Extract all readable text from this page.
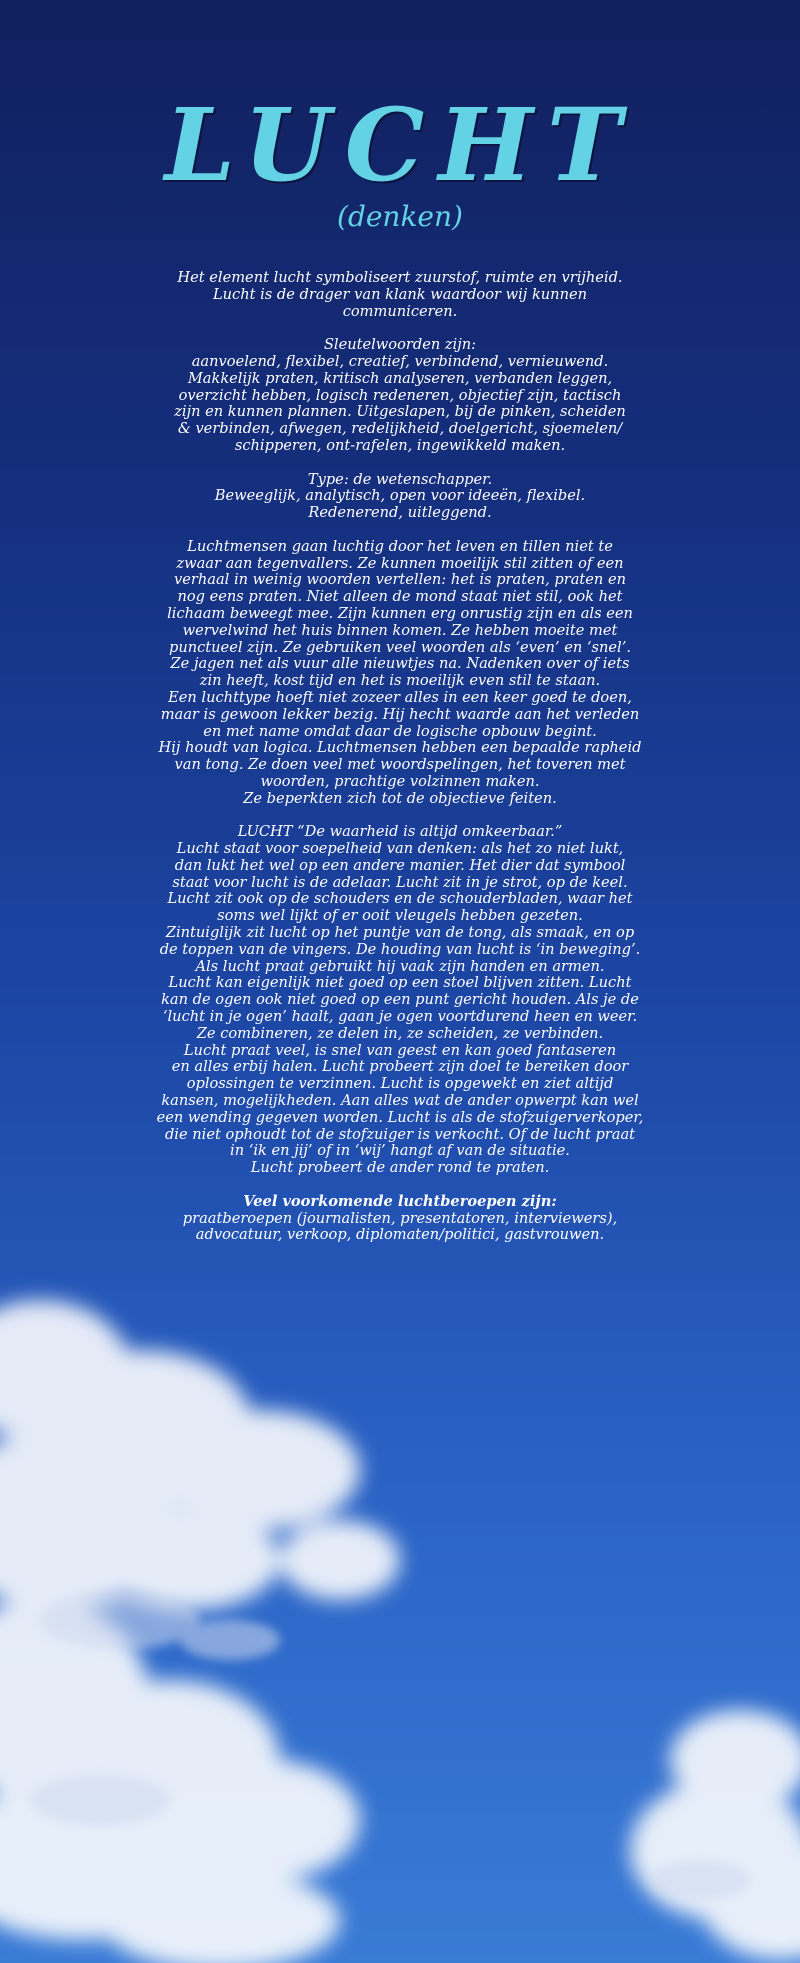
LUCHT
(denken)
Het element lucht symboliseert zuurstof, ruimte en vrijheid.
Lucht is de drager van klank waardoor wij kunnen
communiceren.
Sleutelwoorden zijn:
aanvoelend, flexibel, creatief, verbindend, vernieuwend.
Makkelijk praten, kritisch analyseren, verbanden leggen,
overzicht hebben, logisch redeneren, objectief zijn, tactisch
zijn en kunnen plannen. Uitgeslapen, bij de pinken, scheiden
& verbinden, afwegen, redelijkheid, doelgericht, sjoemelen/
schipperen, ont-rafelen, ingewikkeld maken.
Type: de wetenschapper.
Beweeglijk, analytisch, open voor ideeën, flexibel.
Redenerend, uitleggend.
Luchtmensen gaan luchtig door het leven en tillen niet te
zwaar aan tegenvallers. Ze kunnen moeilijk stil zitten of een
verhaal in weinig woorden vertellen: het is praten, praten en
nog eens praten. Niet alleen de mond staat niet stil, ook het
lichaam beweegt mee. Zijn kunnen erg onrustig zijn en als een
wervelwind het huis binnen komen. Ze hebben moeite met
punctueel zijn. Ze gebruiken veel woorden als ‘even’ en ‘snel’.
Ze jagen net als vuur alle nieuwtjes na. Nadenken over of iets
zin heeft, kost tijd en het is moeilijk even stil te staan.
Een luchttype hoeft niet zozeer alles in een keer goed te doen,
maar is gewoon lekker bezig. Hij hecht waarde aan het verleden
en met name omdat daar de logische opbouw begint.
Hij houdt van logica. Luchtmensen hebben een bepaalde rapheid
van tong. Ze doen veel met woordspelingen, het toveren met
woorden, prachtige volzinnen maken.
Ze beperkten zich tot de objectieve feiten.
LUCHT “De waarheid is altijd omkeerbaar.”
Lucht staat voor soepelheid van denken: als het zo niet lukt,
dan lukt het wel op een andere manier. Het dier dat symbool
staat voor lucht is de adelaar. Lucht zit in je strot, op de keel.
Lucht zit ook op de schouders en de schouderbladen, waar het
soms wel lijkt of er ooit vleugels hebben gezeten.
Zintuiglijk zit lucht op het puntje van de tong, als smaak, en op
de toppen van de vingers. De houding van lucht is ‘in beweging’.
Als lucht praat gebruikt hij vaak zijn handen en armen.
Lucht kan eigenlijk niet goed op een stoel blijven zitten. Lucht
kan de ogen ook niet goed op een punt gericht houden. Als je de
‘lucht in je ogen’ haalt, gaan je ogen voortdurend heen en weer.
Ze combineren, ze delen in, ze scheiden, ze verbinden.
Lucht praat veel, is snel van geest en kan goed fantaseren
en alles erbij halen. Lucht probeert zijn doel te bereiken door
oplossingen te verzinnen. Lucht is opgewekt en ziet altijd
kansen, mogelijkheden. Aan alles wat de ander opwerpt kan wel
een wending gegeven worden. Lucht is als de stofzuigerverkoper,
die niet ophoudt tot de stofzuiger is verkocht. Of de lucht praat
in ‘ik en jij’ of in ‘wij’ hangt af van de situatie.
Lucht probeert de ander rond te praten.
Veel voorkomende luchtberoepen zijn:
praatberoepen (journalisten, presentatoren, interviewers),
advocatuur, verkoop, diplomaten/politici, gastvrouwen.
